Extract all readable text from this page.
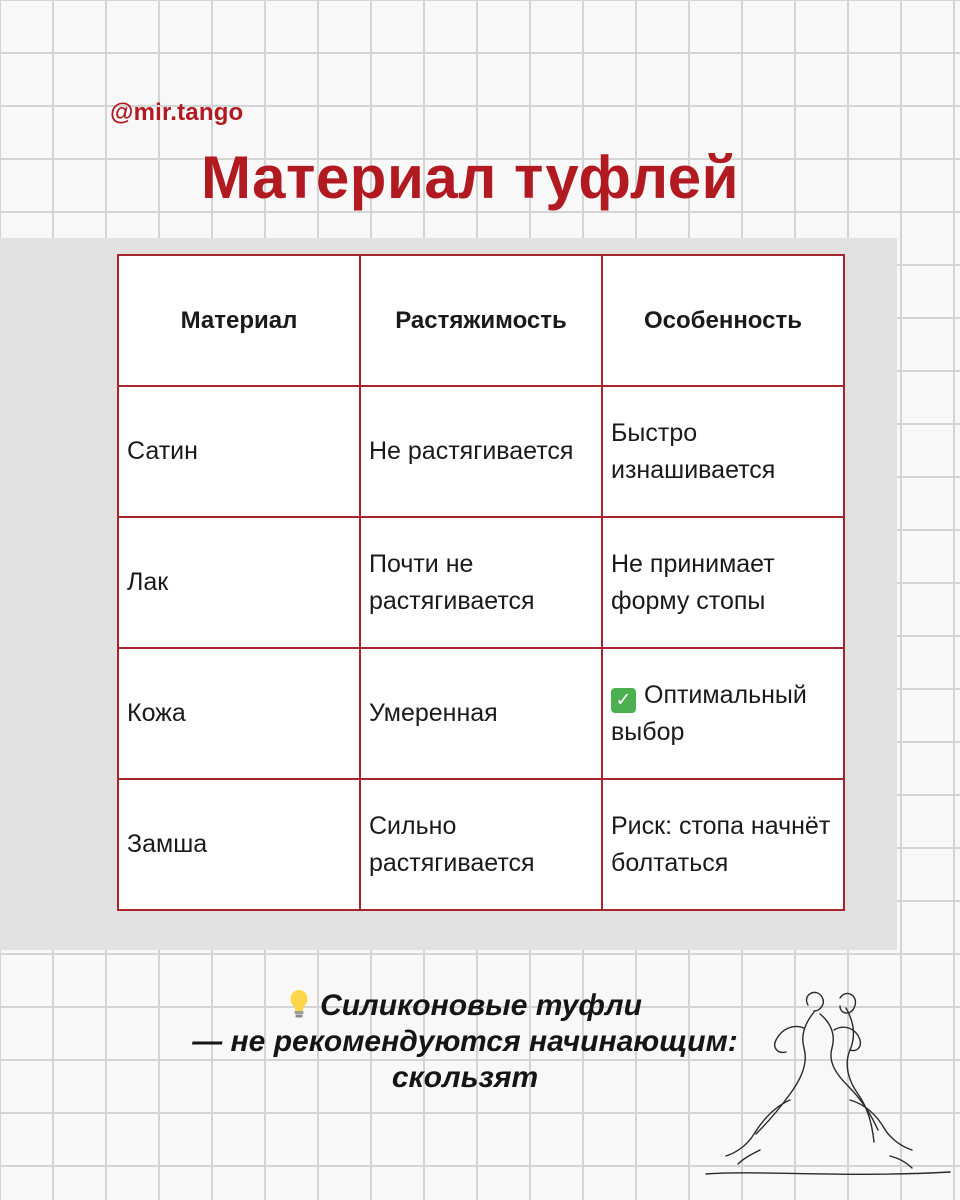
@mir.tango
Материал туфлей
Материал	Растяжимость	Особенность
Сатин	Не растягивается	Быстро изнашивается
Лак	Почти не растягивается	Не принимает форму стопы
Кожа	Умеренная	✓ Оптимальный выбор
Замша	Сильно растягивается	Риск: стопа начнёт болтаться
Силиконовые туфли
— не рекомендуются начинающим:
скользят
